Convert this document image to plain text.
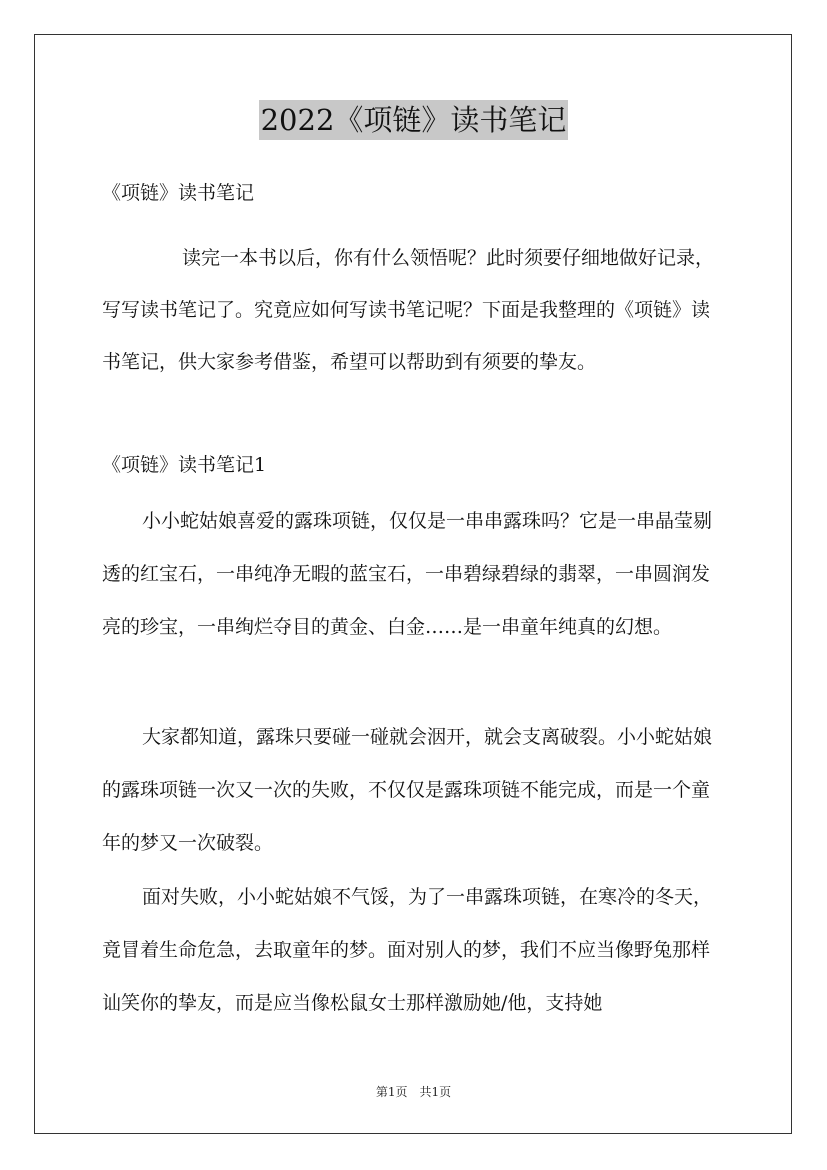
2022《项链》读书笔记

《项链》读书笔记

读完一本书以后，你有什么领悟呢？此时须要仔细地做好记录，写写读书笔记了。究竟应如何写读书笔记呢？下面是我整理的《项链》读书笔记，供大家参考借鉴，希望可以帮助到有须要的挚友。

《项链》读书笔记1

小小蛇姑娘喜爱的露珠项链，仅仅是一串串露珠吗？它是一串晶莹剔透的红宝石，一串纯净无暇的蓝宝石，一串碧绿碧绿的翡翠，一串圆润发亮的珍宝，一串绚烂夺目的黄金、白金……是一串童年纯真的幻想。

大家都知道，露珠只要碰一碰就会洇开，就会支离破裂。小小蛇姑娘的露珠项链一次又一次的失败，不仅仅是露珠项链不能完成，而是一个童年的梦又一次破裂。

面对失败，小小蛇姑娘不气馁，为了一串露珠项链，在寒冷的冬天，竟冒着生命危急，去取童年的梦。面对别人的梦，我们不应当像野兔那样讪笑你的挚友，而是应当像松鼠女士那样激励她/他，支持她

第1页　共1页
